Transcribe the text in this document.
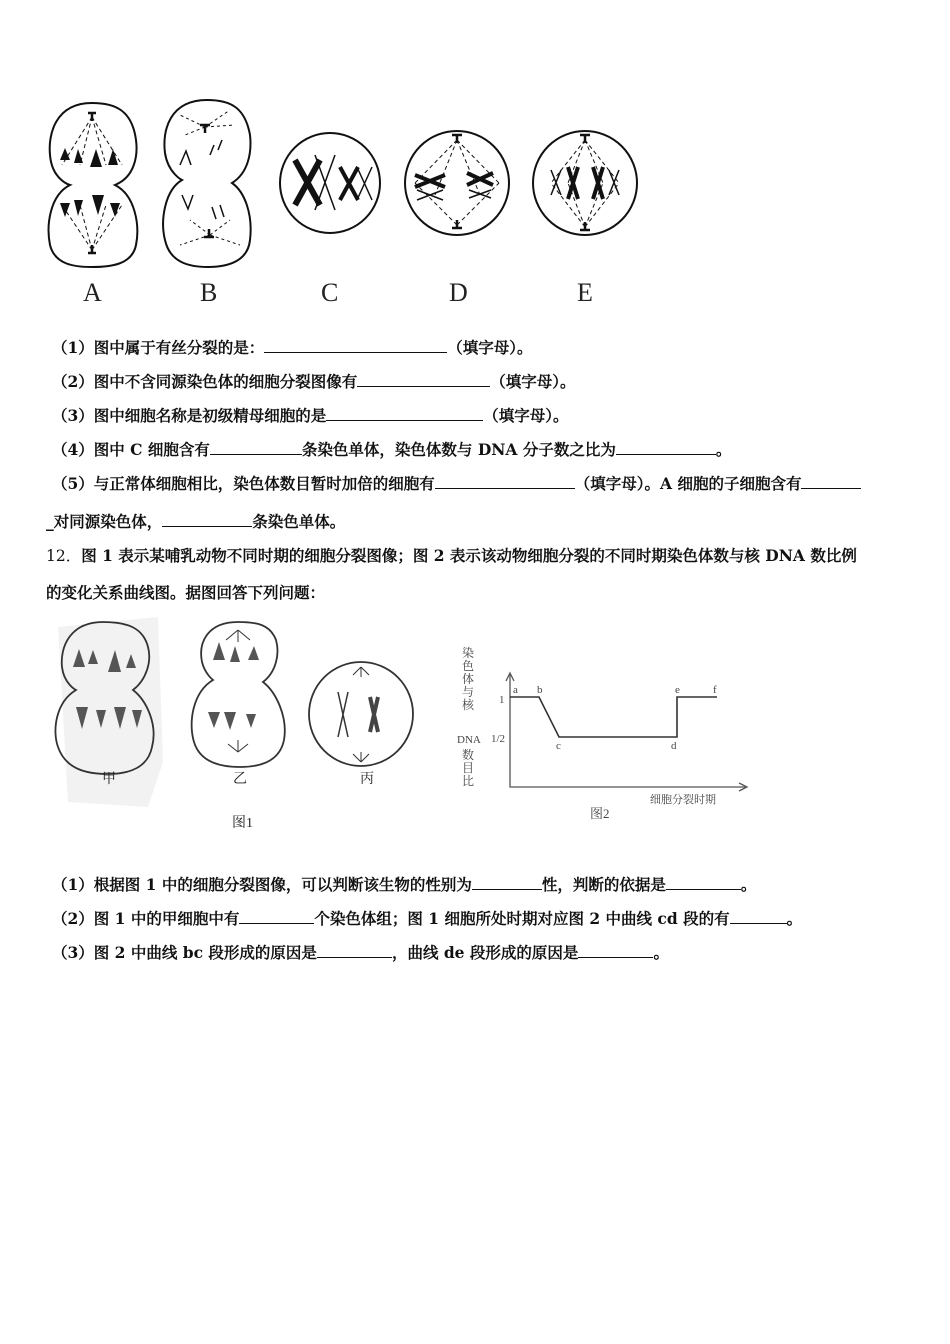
A	B	C	D	E
（1）图中属于有丝分裂的是：	（填字母）。
（2）图中不含同源染色体的细胞分裂图像有	（填字母）。
（3）图中细胞名称是初级精母细胞的是	（填字母）。
（4）图中 C 细胞含有	条染色单体，染色体数与 DNA 分子数之比为	。
（5）与正常体细胞相比，染色体数目暂时加倍的细胞有	（填字母）。A 细胞的子细胞含有
_对同源染色体，	条染色单体。
12．图 1 表示某哺乳动物不同时期的细胞分裂图像；图 2 表示该动物细胞分裂的不同时期染色体数与核 DNA 数比例
的变化关系曲线图。据图回答下列问题：
甲	乙	丙
图1
染
色
体
与
核
DNA
数
目
比
1
1/2
a b
c	d
e	f
细胞分裂时期
图2
（1）根据图 1 中的细胞分裂图像，可以判断该生物的性别为	性，判断的依据是	。
（2）图 1 中的甲细胞中有	个染色体组；图 1 细胞所处时期对应图 2 中曲线 cd 段的有	。
（3）图 2 中曲线 bc 段形成的原因是	，曲线 de 段形成的原因是	。
